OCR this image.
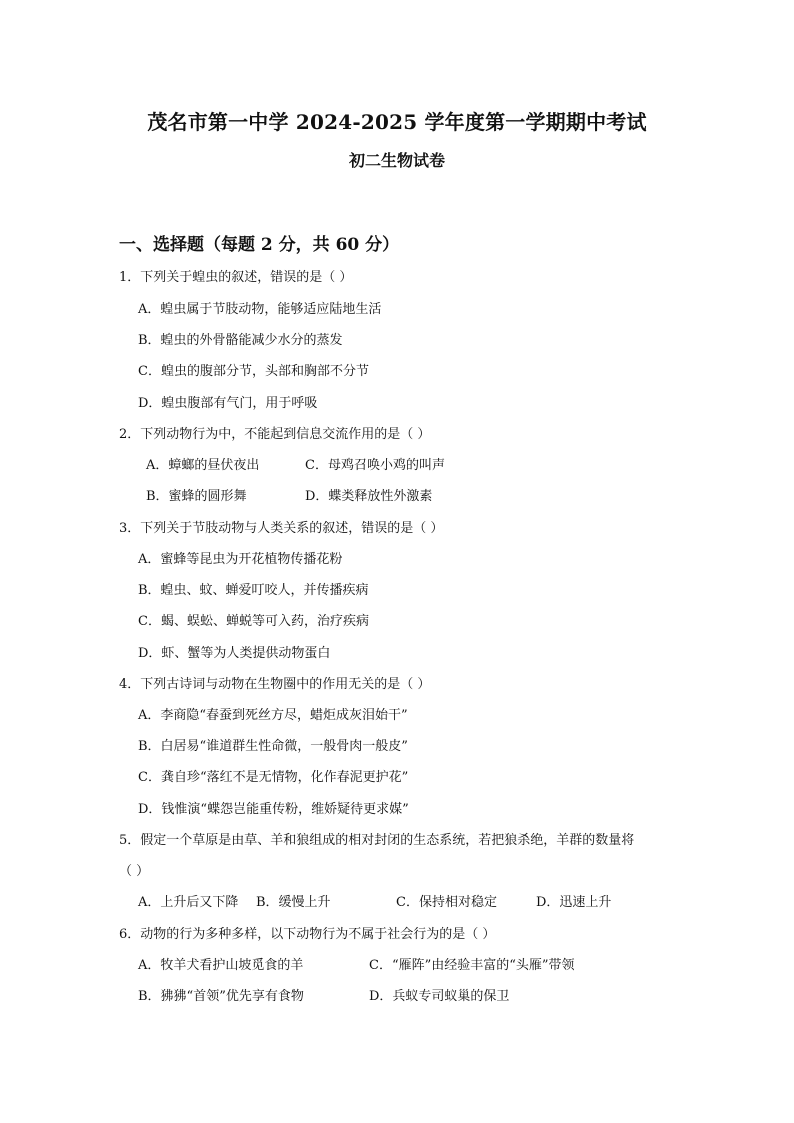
茂名市第一中学 2024-2025 学年度第一学期期中考试
初二生物试卷
一、选择题（每题 2 分，共 60 分）
1．下列关于蝗虫的叙述，错误的是（ ）
A．蝗虫属于节肢动物，能够适应陆地生活
B．蝗虫的外骨骼能减少水分的蒸发
C．蝗虫的腹部分节，头部和胸部不分节
D．蝗虫腹部有气门，用于呼吸
2．下列动物行为中，不能起到信息交流作用的是（ ）
A．蟑螂的昼伏夜出	C．母鸡召唤小鸡的叫声
B．蜜蜂的圆形舞	D．蝶类释放性外激素
3．下列关于节肢动物与人类关系的叙述，错误的是（ ）
A．蜜蜂等昆虫为开花植物传播花粉
B．蝗虫、蚊、蝉爱叮咬人，并传播疾病
C．蝎、蜈蚣、蝉蜕等可入药，治疗疾病
D．虾、蟹等为人类提供动物蛋白
4．下列古诗词与动物在生物圈中的作用无关的是（ ）
A．李商隐“春蚕到死丝方尽，蜡炬成灰泪始干”
B．白居易“谁道群生性命微，一般骨肉一般皮”
C．龚自珍“落红不是无情物，化作春泥更护花”
D．钱惟演“蝶怨岂能重传粉，维娇疑待更求媒”
5．假定一个草原是由草、羊和狼组成的相对封闭的生态系统，若把狼杀绝，羊群的数量将
（ ）
A．上升后又下降 B．缓慢上升	C．保持相对稳定	D．迅速上升
6．动物的行为多种多样，以下动物行为不属于社会行为的是（ ）
A．牧羊犬看护山坡觅食的羊	C．“雁阵”由经验丰富的“头雁”带领
B．狒狒“首领”优先享有食物	D．兵蚁专司蚁巢的保卫
